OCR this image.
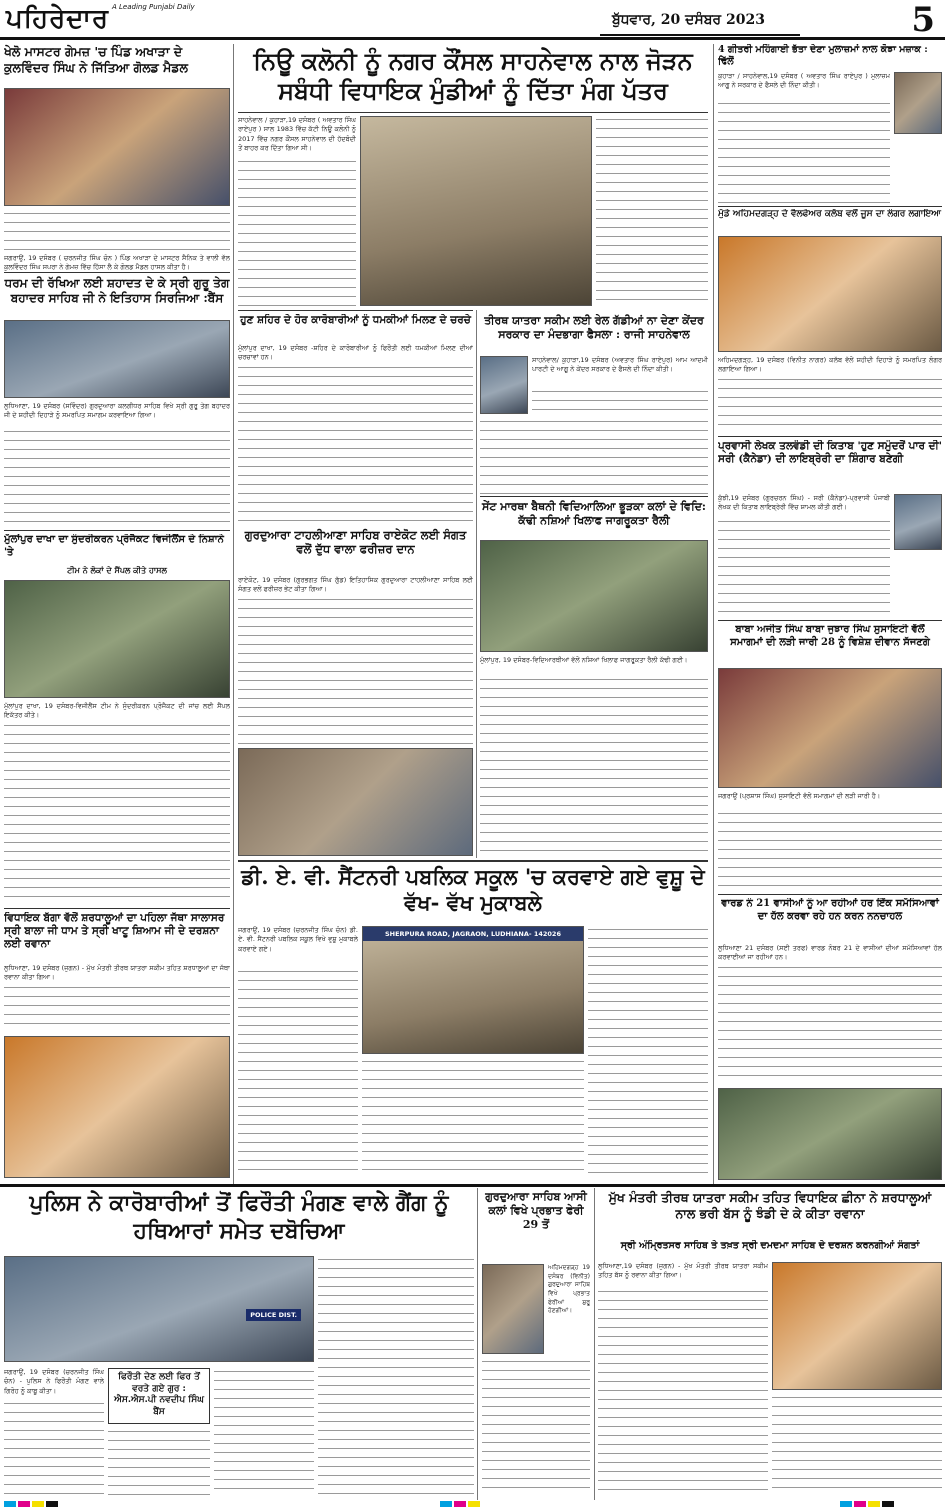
ਪਹਿਰੇਦਾਰ A Leading Punjabi Daily
ਬੁੱਧਵਾਰ, 20 ਦਸੰਬਰ 2023	5
ਖੇਲੋ ਮਾਸਟਰ ਗੇਮਜ਼ 'ਚ ਪਿੰਡ ਅਖਾੜਾ ਦੇ ਕੁਲਵਿੰਦਰ ਸਿੰਘ ਨੇ ਜਿੱਤਿਆ ਗੋਲਡ ਮੈਡਲ
ਜਗਰਾਉਂ, 19 ਦਸੰਬਰ ( ਚਰਨਜੀਤ ਸਿੰਘ ਚੰਨ ) ਪਿੰਡ ਅਖਾੜਾ ਦੇ ਮਾਸਟਰ ਸੈਨਿਕ ਤੇ ਵਾਲੀ ਵੱਲ ਕੁਲਵਿੰਦਰ ਸਿੰਘ ਸਪਰਾ ਨੇ ਗੇਮਜ਼ ਵਿੱਚ ਹਿੱਸਾ ਲੈ ਕੇ ਗੋਲਡ ਮੈਡਲ ਹਾਸਲ ਕੀਤਾ ਹੈ।
ਧਰਮ ਦੀ ਰੱਖਿਆ ਲਈ ਸ਼ਹਾਦਤ ਦੇ ਕੇ ਸ੍ਰੀ ਗੁਰੂ ਤੇਗ ਬਹਾਦਰ ਸਾਹਿਬ ਜੀ ਨੇ ਇਤਿਹਾਸ ਸਿਰਜਿਆ :ਬੈਂਸ
ਲੁਧਿਆਣਾ, 19 ਦਸੰਬਰ (ਸਵਿੰਦਰ) ਗੁਰਦੁਆਰਾ ਕਲਗੀਧਰ ਸਾਹਿਬ ਵਿਖੇ ਸ੍ਰੀ ਗੁਰੂ ਤੇਗ ਬਹਾਦਰ ਜੀ ਦੇ ਸ਼ਹੀਦੀ ਦਿਹਾੜੇ ਨੂੰ ਸਮਰਪਿਤ ਸਮਾਗਮ ਕਰਵਾਇਆ ਗਿਆ।
ਮੁੱਲਾਂਪੁਰ ਦਾਖਾ ਦਾ ਸੁੰਦਰੀਕਰਨ ਪ੍ਰੋਜੈਕਟ ਵਿਜੀਲੈਂਸ ਦੇ ਨਿਸ਼ਾਨੇ 'ਤੇ
ਟੀਮ ਨੇ ਲੋਕਾਂ ਦੇ ਸੈਂਪਲ ਕੀਤੇ ਹਾਸਲ
ਮੁੱਲਾਂਪੁਰ ਦਾਖਾ, 19 ਦਸੰਬਰ-ਵਿਜੀਲੈਂਸ ਟੀਮ ਨੇ ਸੁੰਦਰੀਕਰਨ ਪ੍ਰੋਜੈਕਟ ਦੀ ਜਾਂਚ ਲਈ ਸੈਂਪਲ ਇਕੱਤਰ ਕੀਤੇ।
ਵਿਧਾਇਕ ਬੱਗਾ ਵੱਲੋਂ ਸ਼ਰਧਾਲੂਆਂ ਦਾ ਪਹਿਲਾ ਜੱਥਾ ਸਾਲਾਸਰ ਸ੍ਰੀ ਬਾਲਾ ਜੀ ਧਾਮ ਤੇ ਸ੍ਰੀ ਖਾਟੂ ਸ਼ਿਆਮ ਜੀ ਦੇ ਦਰਸ਼ਨਾ ਲਈ ਰਵਾਨਾ
ਲੁਧਿਆਣਾ, 19 ਦਸੰਬਰ (ਜੁਗਨ) - ਮੁੱਖ ਮੰਤਰੀ ਤੀਰਥ ਯਾਤਰਾ ਸਕੀਮ ਤਹਿਤ ਸ਼ਰਧਾਲੂਆਂ ਦਾ ਜੱਥਾ ਰਵਾਨਾ ਕੀਤਾ ਗਿਆ।
ਨਿਊ ਕਲੋਨੀ ਨੂੰ ਨਗਰ ਕੌਂਸਲ ਸਾਹਨੇਵਾਲ ਨਾਲ ਜੋੜਨ ਸਬੰਧੀ ਵਿਧਾਇਕ ਮੁੰਡੀਆਂ ਨੂੰ ਦਿੱਤਾ ਮੰਗ ਪੱਤਰ
ਸਾਹਨੇਵਾਲ / ਕੁਹਾੜਾ,19 ਦਸੰਬਰ ( ਅਵਤਾਰ ਸਿੰਘ ਰਾਏਪੁਰ ) ਸਾਲ 1983 ਵਿੱਚ ਕੱਟੀ ਨਿਊ ਕਲੋਨੀ ਨੂੰ 2017 ਵਿੱਚ ਨਗਰ ਕੌਂਸਲ ਸਾਹਨੇਵਾਲ ਦੀ ਹੱਦਬੰਦੀ ਤੋਂ ਬਾਹਰ ਕਰ ਦਿੱਤਾ ਗਿਆ ਸੀ।
ਹੁਣ ਸ਼ਹਿਰ ਦੇ ਹੋਰ ਕਾਰੋਬਾਰੀਆਂ ਨੂੰ ਧਮਕੀਆਂ ਮਿਲਣ ਦੇ ਚਰਚੇ
ਮੁੱਲਾਂਪੁਰ ਦਾਖਾ, 19 ਦਸੰਬਰ -ਸ਼ਹਿਰ ਦੇ ਕਾਰੋਬਾਰੀਆਂ ਨੂੰ ਫਿਰੌਤੀ ਲਈ ਧਮਕੀਆਂ ਮਿਲਣ ਦੀਆਂ ਚਰਚਾਵਾਂ ਹਨ।
ਗੁਰਦੁਆਰਾ ਟਾਹਲੀਆਣਾ ਸਾਹਿਬ ਰਾਏਕੋਟ ਲਈ ਸੰਗਤ ਵਲੋਂ ਦੁੱਧ ਵਾਲਾ ਫਰੀਜ਼ਰ ਦਾਨ
ਰਾਏਕੋਟ, 19 ਦਸੰਬਰ (ਗੁਰਭਗਤ ਸਿੰਘ ਗੁੱਡ) ਇਤਿਹਾਸਿਕ ਗੁਰਦੁਆਰਾ ਟਾਹਲੀਆਣਾ ਸਾਹਿਬ ਲਈ ਸੰਗਤ ਵਲੋਂ ਫਰੀਜ਼ਰ ਭੇਟ ਕੀਤਾ ਗਿਆ।
ਤੀਰਥ ਯਾਤਰਾ ਸਕੀਮ ਲਈ ਰੇਲ ਗੱਡੀਆਂ ਨਾ ਦੇਣਾ ਕੇਂਦਰ ਸਰਕਾਰ ਦਾ ਮੰਦਭਾਗਾ ਫੈਸਲਾ : ਰਾਜੀ ਸਾਹਨੇਵਾਲ
ਸਾਹਨੇਵਾਲ/ ਕੁਹਾੜਾ,19 ਦਸੰਬਰ (ਅਵਤਾਰ ਸਿੰਘ ਰਾਏਪੁਰ) ਆਮ ਆਦਮੀ ਪਾਰਟੀ ਦੇ ਆਗੂ ਨੇ ਕੇਂਦਰ ਸਰਕਾਰ ਦੇ ਫੈਸਲੇ ਦੀ ਨਿੰਦਾ ਕੀਤੀ।
ਸੇਂਟ ਮਾਰਥਾ ਬੈਥਨੀ ਵਿਦਿਆਲਿਆ ਭੂੜਕਾ ਕਲਾਂ ਦੇ ਵਿਦਿ: ਕੱਢੀ ਨਸ਼ਿਆਂ ਖਿਲਾਫ ਜਾਗਰੂਕਤਾ ਰੈਲੀ
ਮੁੱਲਾਂਪੁਰ, 19 ਦਸੰਬਰ-ਵਿਦਿਆਰਥੀਆਂ ਵੱਲੋਂ ਨਸ਼ਿਆਂ ਖਿਲਾਫ ਜਾਗਰੂਕਤਾ ਰੈਲੀ ਕੱਢੀ ਗਈ।
ਡੀ. ਏ. ਵੀ. ਸੈਂਟਨਰੀ ਪਬਲਿਕ ਸਕੂਲ 'ਚ ਕਰਵਾਏ ਗਏ ਵੁਸ਼ੂ ਦੇ ਵੱਖ- ਵੱਖ ਮੁਕਾਬਲੇ
ਜਗਰਾਉਂ, 19 ਦਸੰਬਰ (ਚਰਨਜੀਤ ਸਿੰਘ ਚੰਨ) ਡੀ. ਏ. ਵੀ. ਸੈਂਟਨਰੀ ਪਬਲਿਕ ਸਕੂਲ ਵਿਖੇ ਵੁਸ਼ੂ ਮੁਕਾਬਲੇ ਕਰਵਾਏ ਗਏ।
SHERPURA ROAD, JAGRAON, LUDHIANA- 142026
4 ਗੀਤਰੀ ਮਹਿੰਗਾਈ ਭੱਤਾ ਦੇਣਾ ਮੁਲਾਜ਼ਮਾਂ ਨਾਲ ਕੋਝਾ ਮਜ਼ਾਕ : ਢਿੱਲੋਂ
ਕੁਹਾੜਾ / ਸਾਹਨੇਵਾਲ,19 ਦਸੰਬਰ ( ਅਵਤਾਰ ਸਿੰਘ ਰਾਏਪੁਰ ) ਮੁਲਾਜ਼ਮ ਆਗੂ ਨੇ ਸਰਕਾਰ ਦੇ ਫੈਸਲੇ ਦੀ ਨਿੰਦਾ ਕੀਤੀ।
ਮੁੱਡੇ ਅਹਿਮਦਗੜ੍ਹ ਦੇ ਵੈਲਫੇਅਰ ਕਲੱਬ ਵਲੋਂ ਜੂਸ ਦਾ ਲੰਗਰ ਲਗਾਇਆ
ਅਹਿਮਦਗੜ੍ਹ, 19 ਦਸੰਬਰ (ਵਿਨੀਤ ਨਾਗਰ) ਕਲੱਬ ਵੱਲੋਂ ਸ਼ਹੀਦੀ ਦਿਹਾੜੇ ਨੂੰ ਸਮਰਪਿਤ ਲੰਗਰ ਲਗਾਇਆ ਗਿਆ।
ਪ੍ਰਵਾਸੀ ਲੇਖਕ ਤਲਵੰਡੀ ਦੀ ਕਿਤਾਬ 'ਹੁਣ ਸਮੁੰਦਰੋਂ ਪਾਰ ਦੀ' ਸਰੀ (ਕੈਨੇਡਾ) ਦੀ ਲਾਇਬ੍ਰੇਰੀ ਦਾ ਸ਼ਿੰਗਾਰ ਬਣੇਗੀ
ਕੁੱਝੀ,19 ਦਸੰਬਰ (ਗੁਰਚਰਨ ਸਿੰਘ) - ਸਰੀ (ਕੈਨੇਡਾ)-ਪ੍ਰਵਾਸੀ ਪੰਜਾਬੀ ਲੇਖਕ ਦੀ ਕਿਤਾਬ ਲਾਇਬ੍ਰੇਰੀ ਵਿੱਚ ਸ਼ਾਮਲ ਕੀਤੀ ਗਈ।
ਬਾਬਾ ਅਜੀਤ ਸਿੰਘ ਬਾਬਾ ਜੁਝਾਰ ਸਿੰਘ ਸੁਸਾਇਟੀ ਵੱਲੋਂ ਸਮਾਗਮਾਂ ਦੀ ਲੜੀ ਜਾਰੀ 28 ਨੂੰ ਵਿਸ਼ੇਸ਼ ਦੀਵਾਨ ਸੱਜਣਗੇ
ਜਗਰਾਉਂ (ਪ੍ਰਸ਼ਾਸ ਸਿੰਘ) ਸੁਸਾਇਟੀ ਵੱਲੋਂ ਸਮਾਗਮਾਂ ਦੀ ਲੜੀ ਜਾਰੀ ਹੈ।
ਵਾਰਡ ਨੰ 21 ਵਾਸੀਆਂ ਨੂੰ ਆ ਰਹੀਆਂ ਹਰ ਇੱਕ ਸਮੱਸਿਆਵਾਂ ਦਾ ਹੱਲ ਕਰਵਾ ਰਹੇ ਹਨ ਕਰਨ ਨਨਚਾਹਲ
ਲੁਧਿਆਣਾ 21 ਦਸੰਬਰ (ਸਈ ਤਰਫ) ਵਾਰਡ ਨੰਬਰ 21 ਦੇ ਵਾਸੀਆਂ ਦੀਆਂ ਸਮੱਸਿਆਵਾਂ ਹੱਲ ਕਰਵਾਈਆਂ ਜਾ ਰਹੀਆਂ ਹਨ।
ਪੁਲਿਸ ਨੇ ਕਾਰੋਬਾਰੀਆਂ ਤੋਂ ਫਿਰੌਤੀ ਮੰਗਣ ਵਾਲੇ ਗੈਂਗ ਨੂੰ ਹਥਿਆਰਾਂ ਸਮੇਤ ਦਬੋਚਿਆ
POLICE DIST.
ਜਗਰਾਉਂ, 19 ਦਸੰਬਰ (ਚਰਨਜੀਤ ਸਿੰਘ ਚੰਨ) - ਪੁਲਿਸ ਨੇ ਫਿਰੌਤੀ ਮੰਗਣ ਵਾਲੇ ਗਿਰੋਹ ਨੂੰ ਕਾਬੂ ਕੀਤਾ।
ਫਿਰੌਤੀ ਦੇਣ ਲਈ ਫਿਰ ਤੋਂ ਵਰਤੇ ਗਏ ਗੁਰ : ਐਸ.ਐਸ.ਪੀ ਨਵਦੀਪ ਸਿੰਘ ਬੈਂਸ
ਗੁਰਦੁਆਰਾ ਸਾਹਿਬ ਆਸੀ ਕਲਾਂ ਵਿਖੇ ਪ੍ਰਭਾਤ ਫੇਰੀ 29 ਤੋਂ
ਅਹਿਮਦਗੜ੍ਹ 19 ਦਸੰਬਰ (ਵਿਨੀਤ) ਗੁਰਦੁਆਰਾ ਸਾਹਿਬ ਵਿਖੇ ਪ੍ਰਭਾਤ ਫੇਰੀਆਂ ਸ਼ੁਰੂ ਹੋਣਗੀਆਂ।
ਮੁੱਖ ਮੰਤਰੀ ਤੀਰਥ ਯਾਤਰਾ ਸਕੀਮ ਤਹਿਤ ਵਿਧਾਇਕ ਛੀਨਾ ਨੇ ਸ਼ਰਧਾਲੂਆਂ ਨਾਲ ਭਰੀ ਬੱਸ ਨੂੰ ਝੰਡੀ ਦੇ ਕੇ ਕੀਤਾ ਰਵਾਨਾ
ਸ੍ਰੀ ਅੰਮ੍ਰਿਤਸਰ ਸਾਹਿਬ ਤੇ ਤਖ਼ਤ ਸ੍ਰੀ ਦਮਦਮਾ ਸਾਹਿਬ ਦੇ ਦਰਸ਼ਨ ਕਰਨਗੀਆਂ ਸੰਗਤਾਂ
ਲੁਧਿਆਣਾ,19 ਦਸੰਬਰ (ਜੁਗਨ) - ਮੁੱਖ ਮੰਤਰੀ ਤੀਰਥ ਯਾਤਰਾ ਸਕੀਮ ਤਹਿਤ ਬੱਸ ਨੂੰ ਰਵਾਨਾ ਕੀਤਾ ਗਿਆ।
